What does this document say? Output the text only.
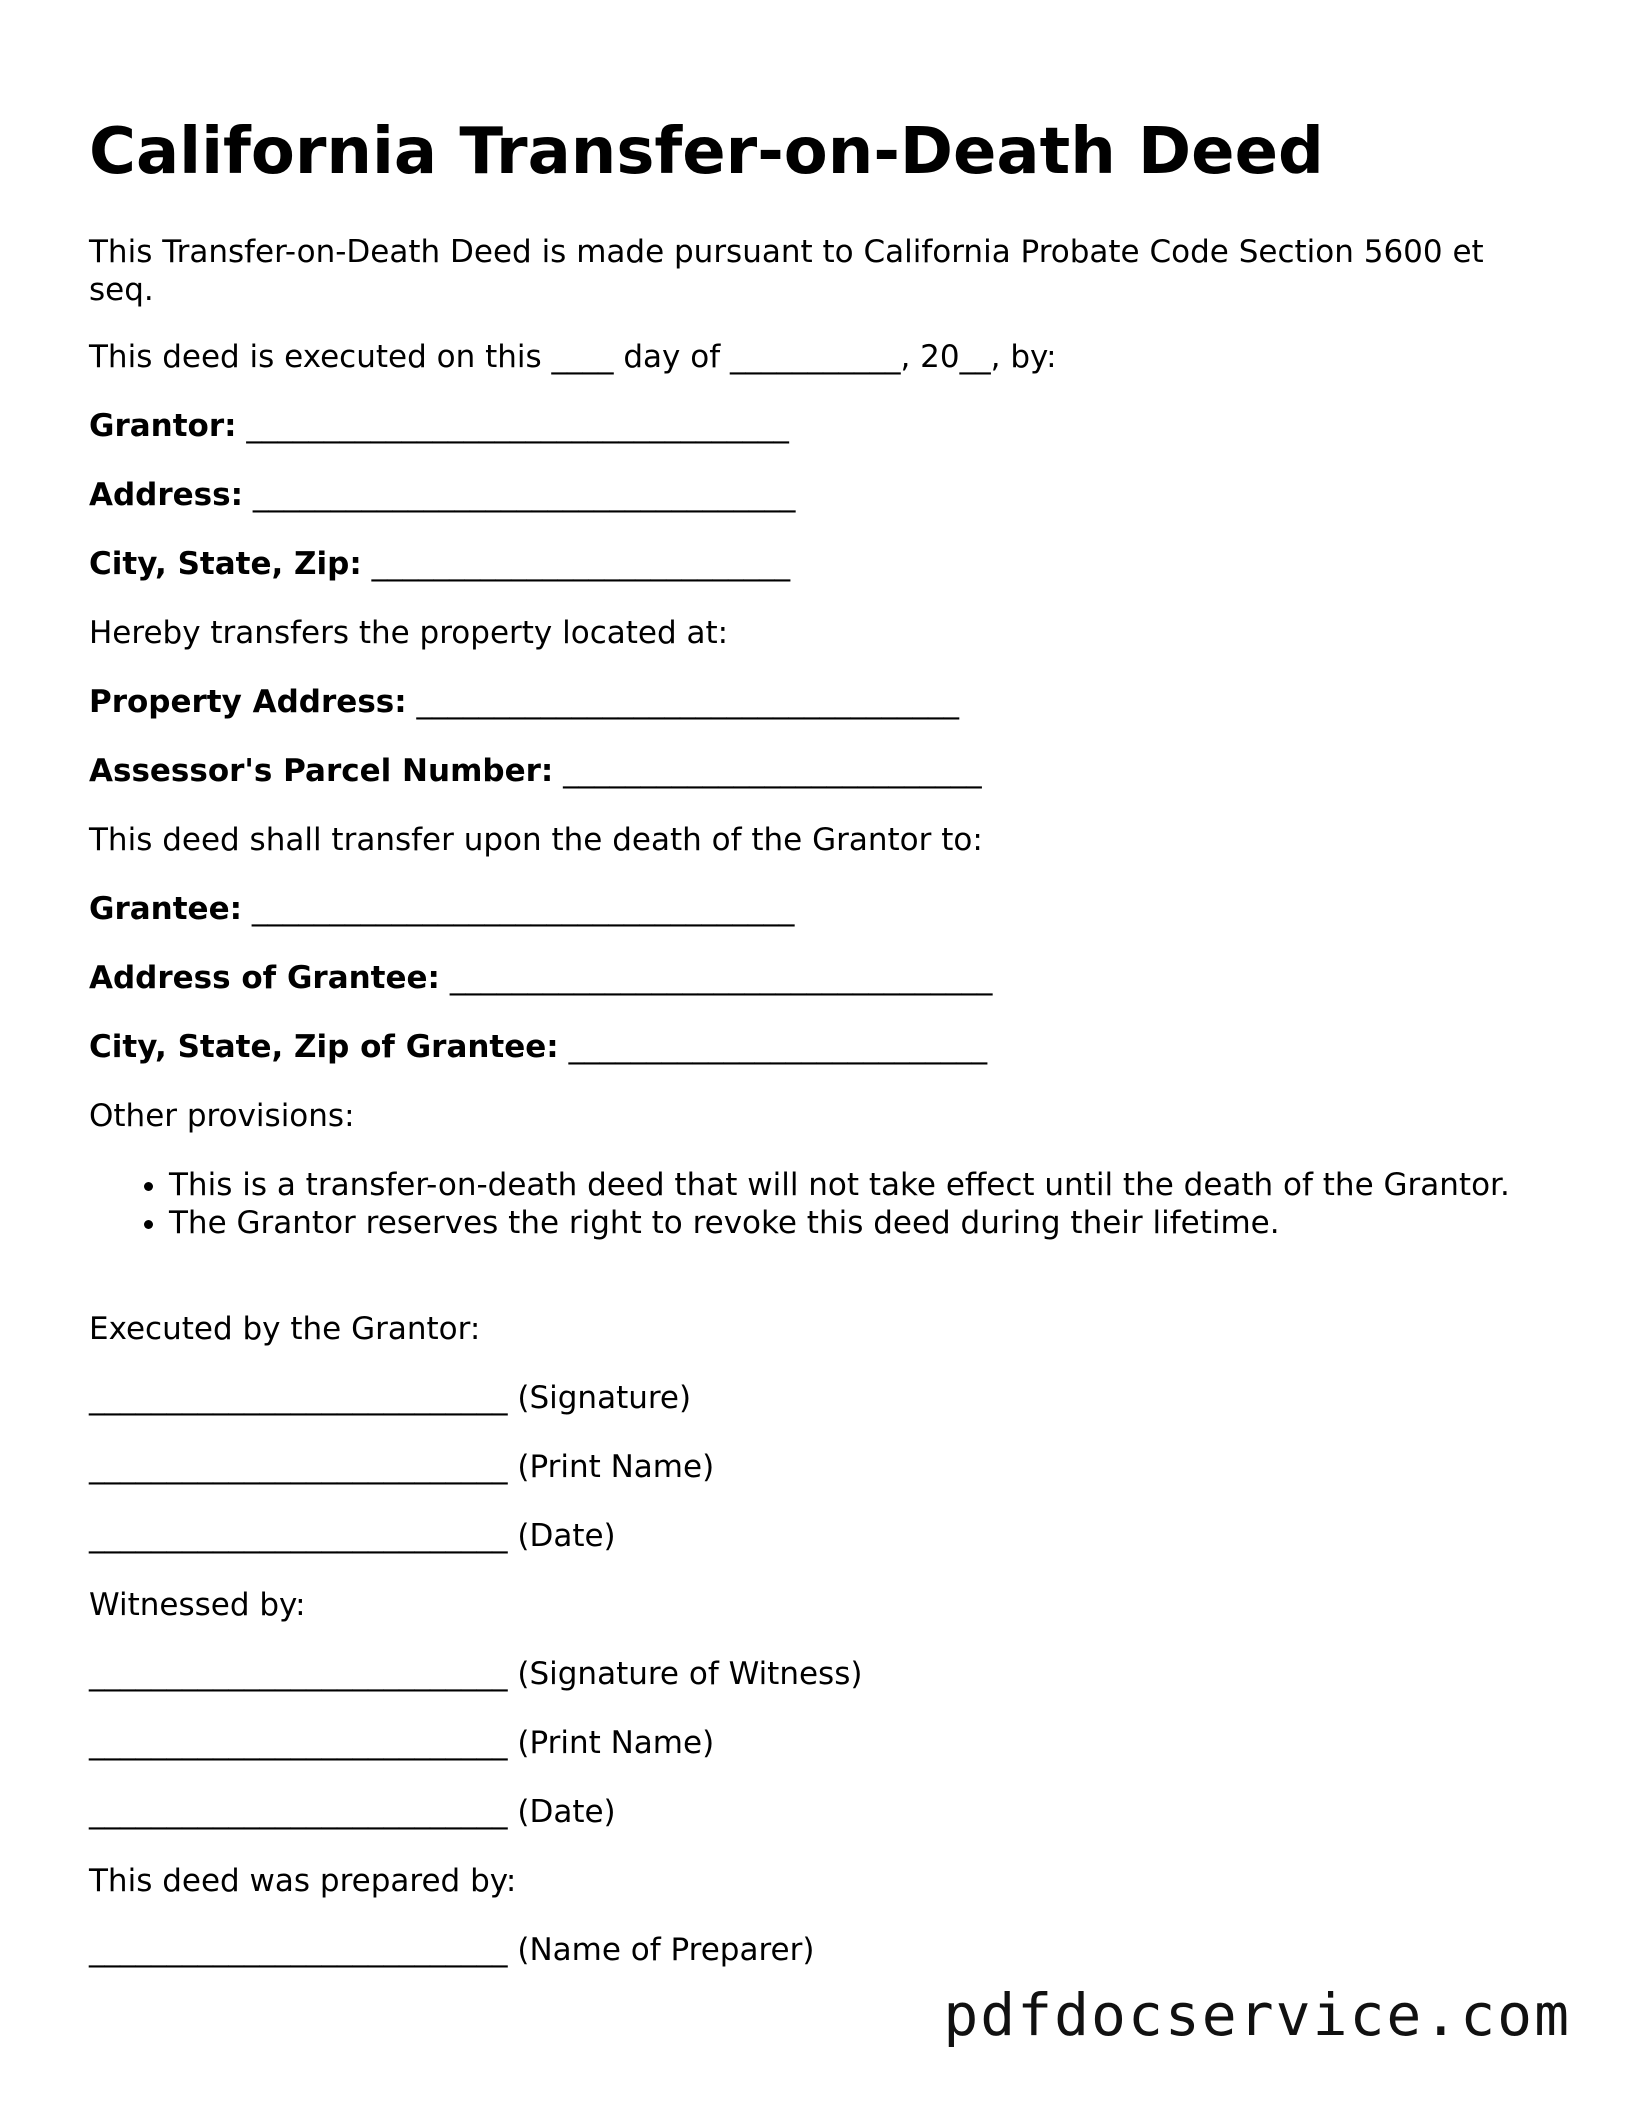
California Transfer-on-Death Deed

This Transfer-on-Death Deed is made pursuant to California Probate Code Section 5600 et seq.

This deed is executed on this ____ day of ___________, 20__, by:

Grantor: ___________________________________

Address: ___________________________________

City, State, Zip: ___________________________

Hereby transfers the property located at:

Property Address: ___________________________________

Assessor's Parcel Number: ___________________________

This deed shall transfer upon the death of the Grantor to:

Grantee: ___________________________________

Address of Grantee: ___________________________________

City, State, Zip of Grantee: ___________________________

Other provisions:

• This is a transfer-on-death deed that will not take effect until the death of the Grantor.
• The Grantor reserves the right to revoke this deed during their lifetime.

Executed by the Grantor:

___________________________ (Signature)

___________________________ (Print Name)

___________________________ (Date)

Witnessed by:

___________________________ (Signature of Witness)

___________________________ (Print Name)

___________________________ (Date)

This deed was prepared by:

___________________________ (Name of Preparer)

pdfdocservice.com
